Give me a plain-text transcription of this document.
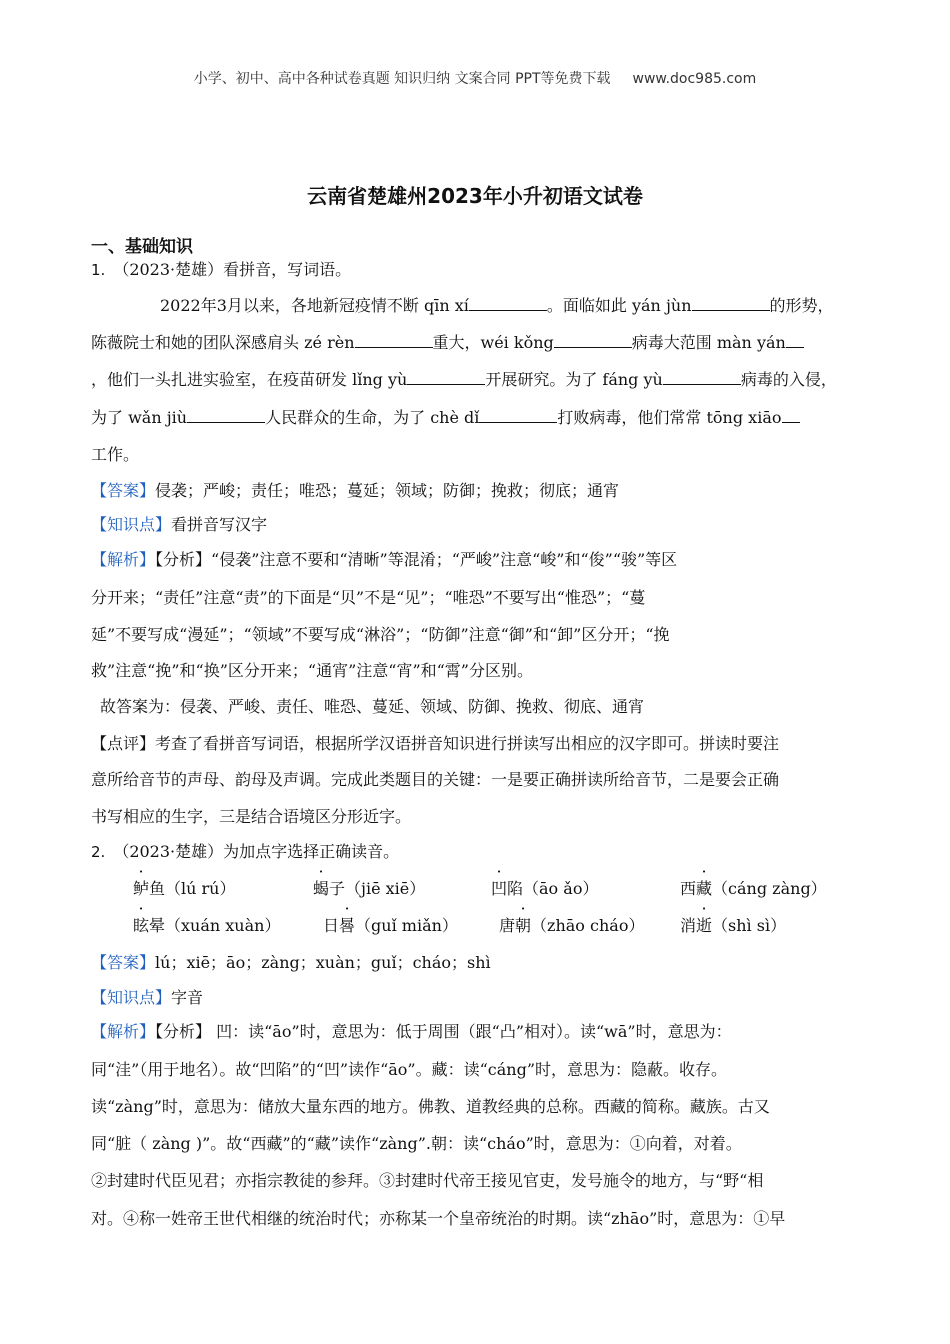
小学、初中、高中各种试卷真题 知识归纳 文案合同 PPT等免费下载 www.doc985.com
云南省楚雄州2023年小升初语文试卷
一、基础知识
1. （2023·楚雄）看拼音，写词语。
2022年3月以来，各地新冠疫情不断 qīn xí	。面临如此 yán jùn	的形势，
陈薇院士和她的团队深感肩头 zé rèn	重大，wéi kǒng	病毒大范围 màn yán
，他们一头扎进实验室，在疫苗研发 lǐng yù	开展研究。为了 fáng yù	病毒的入侵，
为了 wǎn jiù	人民群众的生命，为了 chè dǐ	打败病毒，他们常常 tōng xiāo
工作。
【答案】侵袭；严峻；责任；唯恐；蔓延；领域；防御；挽救；彻底；通宵
【知识点】看拼音写汉字
【解析】【分析】“侵袭”注意不要和“清晰”等混淆；“严峻”注意“峻”和“俊”“骏”等区
分开来；“责任”注意“责”的下面是“贝”不是“见”；“唯恐”不要写出“惟恐”；“蔓
延”不要写成“漫延”；“领域”不要写成“淋浴”；“防御”注意“御”和“卸”区分开；“挽
救”注意“挽”和“换”区分开来；“通宵”注意“宵”和“霄”分区别。
故答案为：侵袭、严峻、责任、唯恐、蔓延、领域、防御、挽救、彻底、通宵
【点评】考查了看拼音写词语，根据所学汉语拼音知识进行拼读写出相应的汉字即可。拼读时要注
意所给音节的声母、韵母及声调。完成此类题目的关键：一是要正确拼读所给音节，二是要会正确
书写相应的生字，三是结合语境区分形近字。
2. （2023·楚雄）为加点字选择正确读音。
鲈鱼（lú rú）	蝎子（jiē xiē）	凹陷（āo ǎo）	西藏（cáng zàng）
眩晕（xuán xuàn）	日晷（guǐ miǎn）	唐朝（zhāo cháo） 消逝（shì sì）
【答案】lú；xiē；āo；zàng；xuàn；guǐ；cháo；shì
【知识点】字音
【解析】【分析】 凹：读“āo”时，意思为：低于周围（跟“凸”相对）。读“wā”时，意思为：
同“洼”（用于地名）。故“凹陷”的“凹”读作“āo”。藏：读“cáng”时，意思为：隐蔽。收存。
读“zàng”时，意思为：储放大量东西的地方。佛教、道教经典的总称。西藏的简称。藏族。古又
同“脏（ zàng )”。故“西藏”的“藏”读作“zàng”.朝：读“cháo”时，意思为：①向着，对着。
②封建时代臣见君；亦指宗教徒的参拜。③封建时代帝王接见官吏，发号施令的地方，与“野“相
对。④称一姓帝王世代相继的统治时代；亦称某一个皇帝统治的时期。读“zhāo”时，意思为：①早
